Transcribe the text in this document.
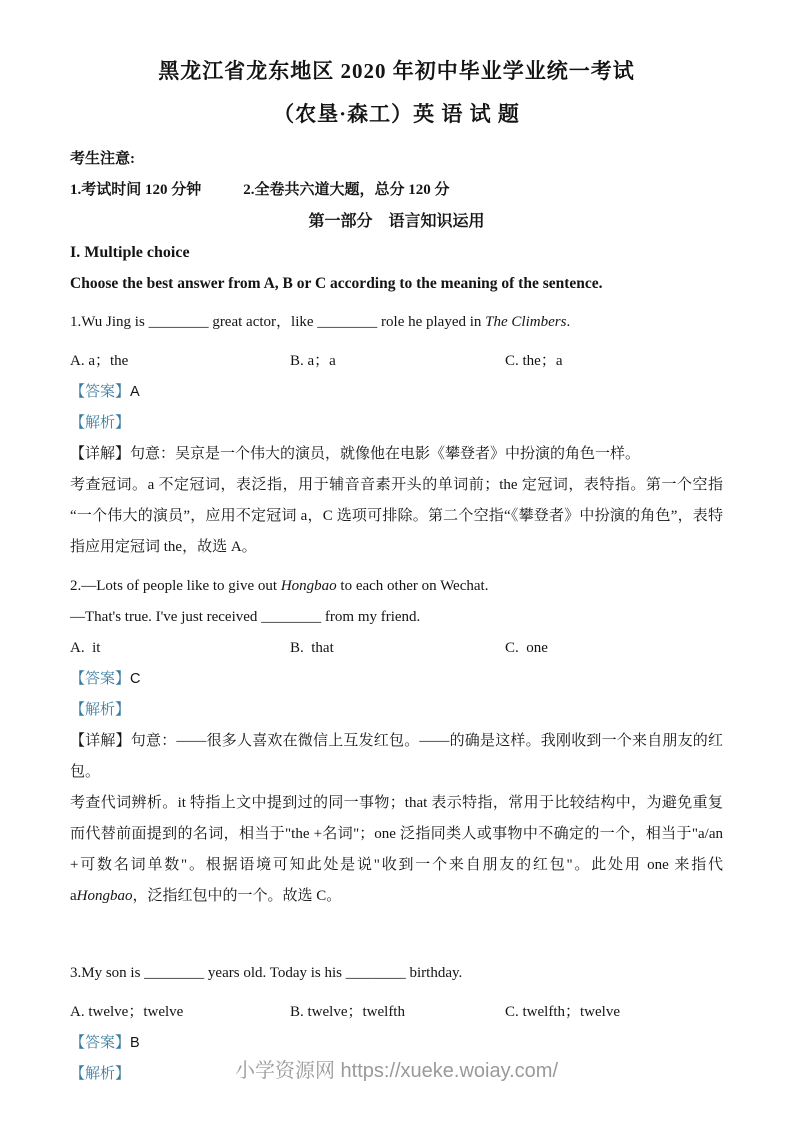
黑龙江省龙东地区 2020 年初中毕业学业统一考试
（农垦·森工）英 语 试 题

考生注意:

1.考试时间 120 分钟	2.全卷共六道大题，总分 120 分

第一部分　语言知识运用

I. Multiple choice

Choose the best answer from A, B or C according to the meaning of the sentence.

1.Wu Jing is ________ great actor，like ________ role he played in The Climbers.

A. a；the	B. a；a	C. the；a

【答案】A

【解析】

【详解】句意：吴京是一个伟大的演员，就像他在电影《攀登者》中扮演的角色一样。

考查冠词。a 不定冠词，表泛指，用于辅音音素开头的单词前；the 定冠词，表特指。第一个空指“一个伟大的演员”，应用不定冠词 a，C 选项可排除。第二个空指“《攀登者》中扮演的角色”，表特指应用定冠词 the，故选 A。

2.—Lots of people like to give out Hongbao to each other on Wechat.

—That's true. I've just received ________ from my friend.

A.  it	B.  that	C.  one

【答案】C

【解析】

【详解】句意：——很多人喜欢在微信上互发红包。——的确是这样。我刚收到一个来自朋友的红包。

考查代词辨析。it 特指上文中提到过的同一事物；that 表示特指，常用于比较结构中，为避免重复而代替前面提到的名词，相当于"the +名词"；one 泛指同类人或事物中不确定的一个，相当于"a/an +可数名词单数"。根据语境可知此处是说"收到一个来自朋友的红包"。此处用 one 来指代 aHongbao，泛指红包中的一个。故选 C。

3.My son is ________ years old. Today is his ________ birthday.

A. twelve；twelve	B. twelve；twelfth	C. twelfth；twelve

【答案】B

【解析】	小学资源网 https://xueke.woiay.com/
